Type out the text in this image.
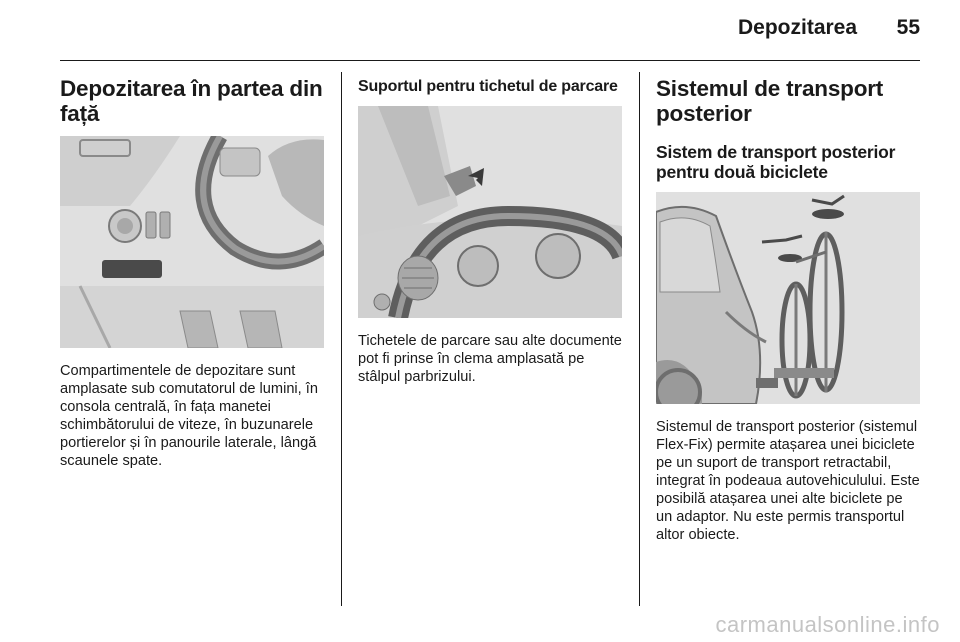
Depozitarea	55
Depozitarea în partea din față

Compartimentele de depozitare sunt amplasate sub comutatorul de lumini, în consola centrală, în fața manetei schimbătorului de viteze, în buzunarele portierelor și în panourile laterale, lângă scaunele spate.

Suportul pentru tichetul de parcare

Tichetele de parcare sau alte documente pot fi prinse în clema amplasată pe stâlpul parbrizului.

Sistemul de transport posterior
Sistem de transport posterior pentru două biciclete

Sistemul de transport posterior (sistemul Flex-Fix) permite atașarea unei biciclete pe un suport de transport retractabil, integrat în podeaua autovehiculului. Este posibilă atașarea unei alte biciclete pe un adaptor. Nu este permis transportul altor obiecte.

carmanualsonline.info
